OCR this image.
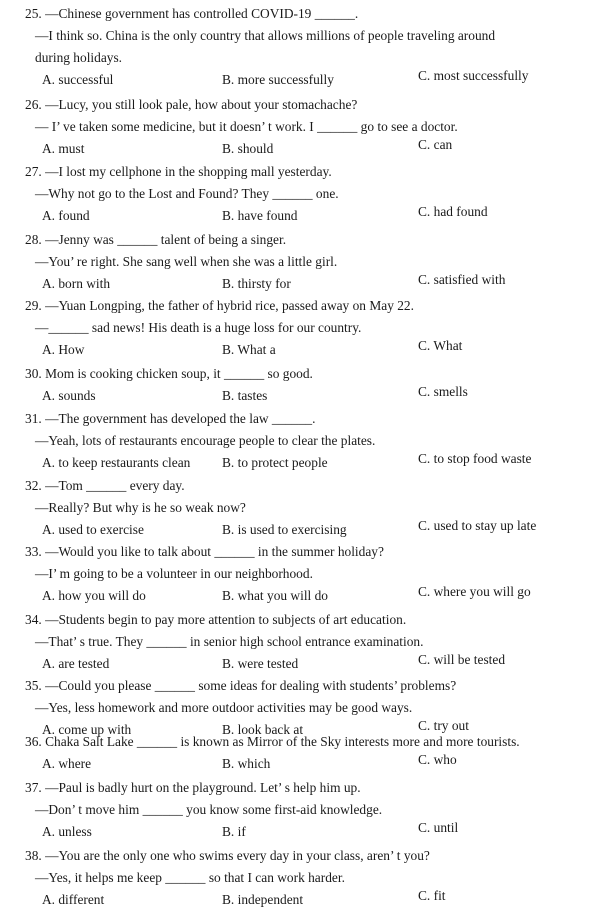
25. —Chinese government has controlled COVID-19 ______.
—I think so. China is the only country that allows millions of people traveling around
during holidays.
A. successful	B. more successfully	C. most successfully
26. —Lucy, you still look pale, how about your stomachache?
— I’ ve taken some medicine, but it doesn’ t work. I ______ go to see a doctor.
A. must	B. should	C. can
27. —I lost my cellphone in the shopping mall yesterday.
—Why not go to the Lost and Found? They ______ one.
A. found	B. have found	C. had found
28. —Jenny was ______ talent of being a singer.
—You’ re right. She sang well when she was a little girl.
A. born with	B. thirsty for	C. satisfied with
29. —Yuan Longping, the father of hybrid rice, passed away on May 22.
—______ sad news! His death is a huge loss for our country.
A. How	B. What a	C. What
30. Mom is cooking chicken soup, it ______ so good.
A. sounds	B. tastes	C. smells
31. —The government has developed the law ______.
—Yeah, lots of restaurants encourage people to clear the plates.
A. to keep restaurants clean B. to protect people	C. to stop food waste
32. —Tom ______ every day.
—Really? But why is he so weak now?
A. used to exercise	B. is used to exercising	C. used to stay up late
33. —Would you like to talk about ______ in the summer holiday?
—I’ m going to be a volunteer in our neighborhood.
A. how you will do	B. what you will do	C. where you will go
34. —Students begin to pay more attention to subjects of art education.
—That’ s true. They ______ in senior high school entrance examination.
A. are tested	B. were tested	C. will be tested
35. —Could you please ______ some ideas for dealing with students’ problems?
—Yes, less homework and more outdoor activities may be good ways.
A. come up with	B. look back at	C. try out
36. Chaka Salt Lake ______ is known as Mirror of the Sky interests more and more tourists.
A. where	B. which	C. who
37. —Paul is badly hurt on the playground. Let’ s help him up.
—Don’ t move him ______ you know some first-aid knowledge.
A. unless	B. if	C. until
38. —You are the only one who swims every day in your class, aren’ t you?
—Yes, it helps me keep ______ so that I can work harder.
A. different	B. independent	C. fit
